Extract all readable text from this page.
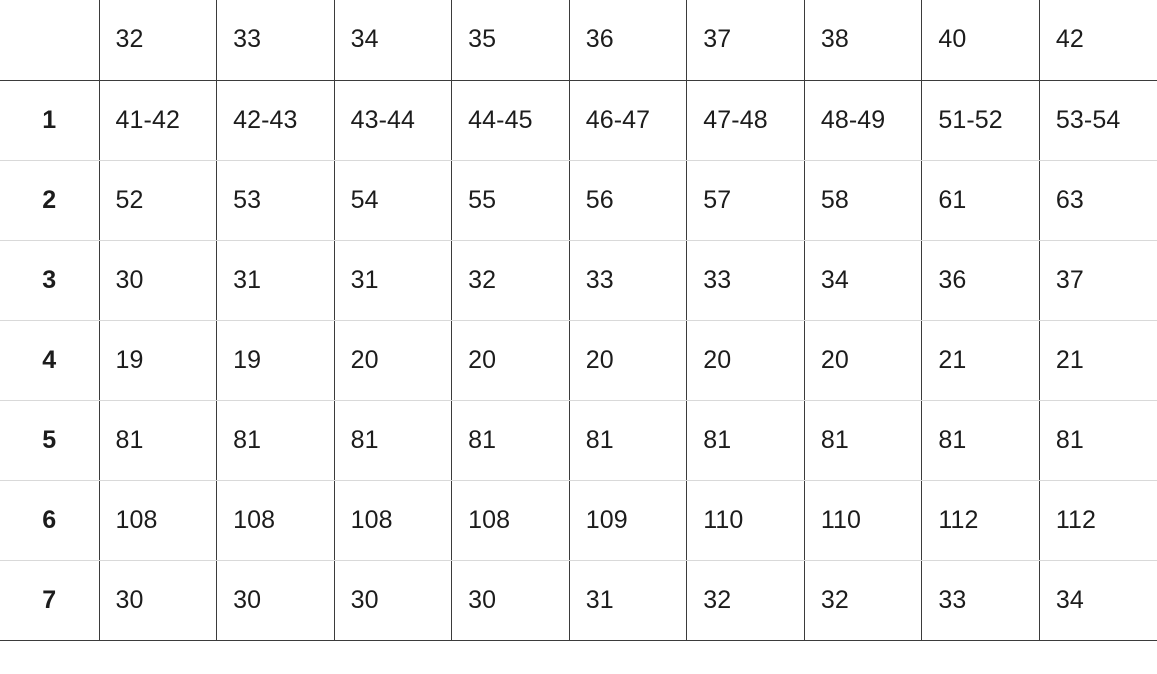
	32	33	34	35	36	37	38	40	42
1	41-42	42-43	43-44	44-45	46-47	47-48	48-49	51-52	53-54
2	52	53	54	55	56	57	58	61	63
3	30	31	31	32	33	33	34	36	37
4	19	19	20	20	20	20	20	21	21
5	81	81	81	81	81	81	81	81	81
6	108	108	108	108	109	110	110	112	112
7	30	30	30	30	31	32	32	33	34
